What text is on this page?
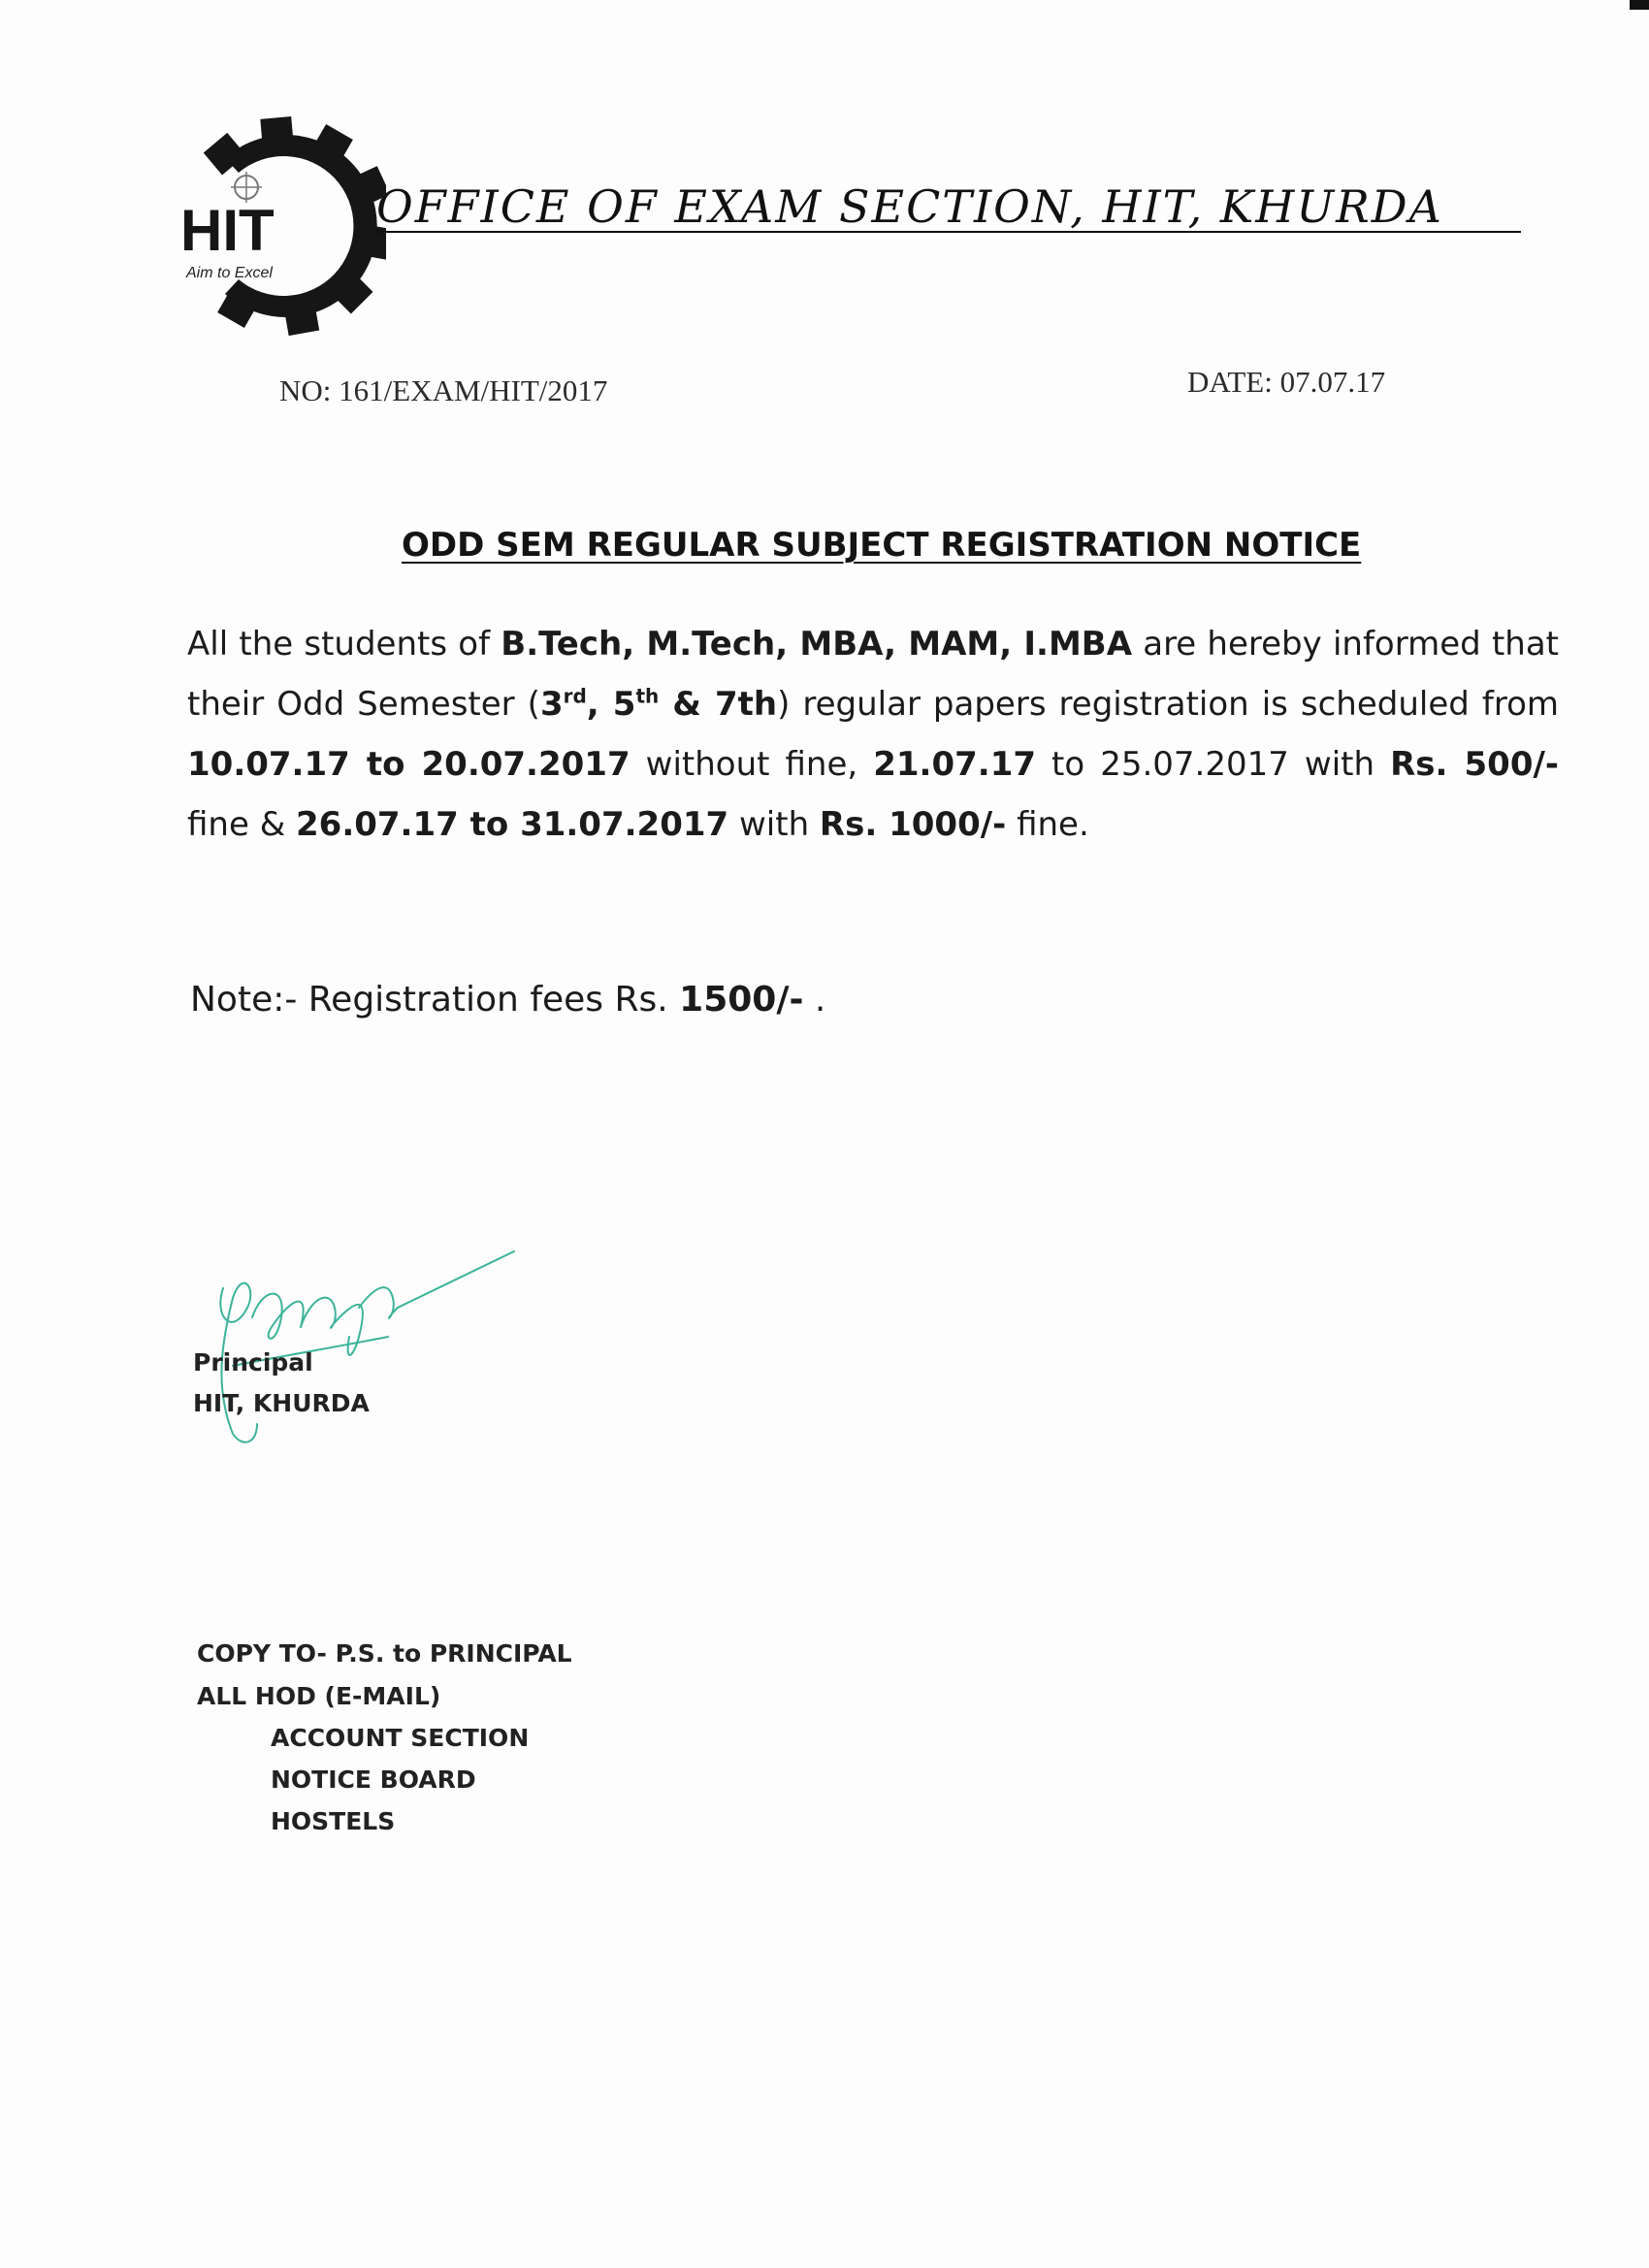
HIT
Aim to Excel
OFFICE OF EXAM SECTION, HIT, KHURDA
NO: 161/EXAM/HIT/2017	DATE: 07.07.17
ODD SEM REGULAR SUBJECT REGISTRATION NOTICE
All the students of B.Tech, M.Tech, MBA, MAM, I.MBA are hereby informed that their Odd Semester (3rd, 5th & 7th) regular papers registration is scheduled from 10.07.17 to 20.07.2017 without fine, 21.07.17 to 25.07.2017 with Rs. 500/- fine & 26.07.17 to 31.07.2017 with Rs. 1000/- fine.
Note:- Registration fees Rs. 1500/- .
Principal
HIT, KHURDA
COPY TO- P.S. to PRINCIPAL
ALL HOD (E-MAIL)
ACCOUNT SECTION
NOTICE BOARD
HOSTELS
